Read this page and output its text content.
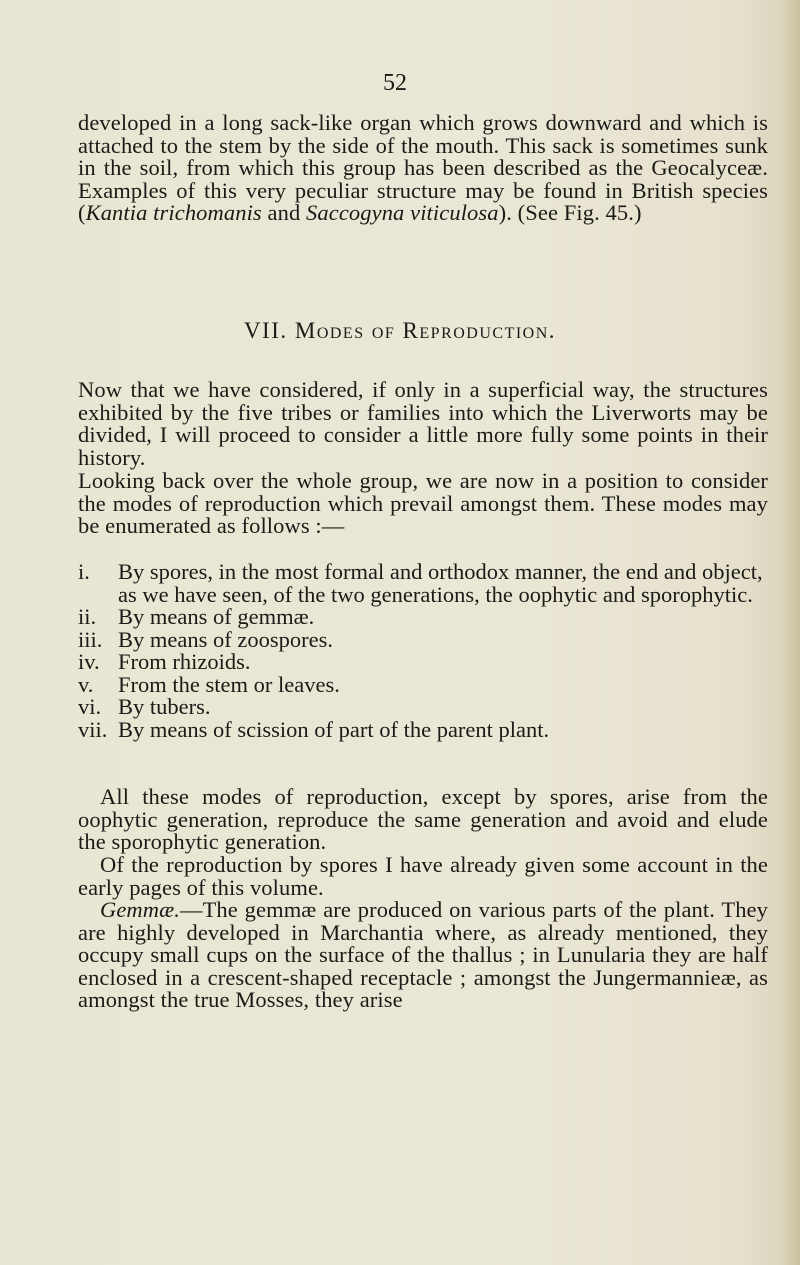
52
developed in a long sack-like organ which grows downward and which is attached to the stem by the side of the mouth. This sack is sometimes sunk in the soil, from which this group has been described as the Geocalyceæ. Examples of this very peculiar structure may be found in British species (Kantia trichomanis and Saccogyna viticulosa). (See Fig. 45.)
VII. Modes of Reproduction.
Now that we have considered, if only in a superficial way, the structures exhibited by the five tribes or families into which the Liverworts may be divided, I will proceed to consider a little more fully some points in their history.
Looking back over the whole group, we are now in a position to consider the modes of reproduction which prevail amongst them. These modes may be enumerated as follows :—
i.	By spores, in the most formal and orthodox manner, the end and object, as we have seen, of the two generations, the oophytic and sporophytic.
ii. By means of gemmæ.
iii. By means of zoospores.
iv. From rhizoids.
v.	From the stem or leaves.
vi. By tubers.
vii. By means of scission of part of the parent plant.
All these modes of reproduction, except by spores, arise from the oophytic generation, reproduce the same generation and avoid and elude the sporophytic generation.
Of the reproduction by spores I have already given some account in the early pages of this volume.
Gemmæ.—The gemmæ are produced on various parts of the plant. They are highly developed in Marchantia where, as already mentioned, they occupy small cups on the surface of the thallus ; in Lunularia they are half enclosed in a crescent-shaped receptacle ; amongst the Jungermannieæ, as amongst the true Mosses, they arise
